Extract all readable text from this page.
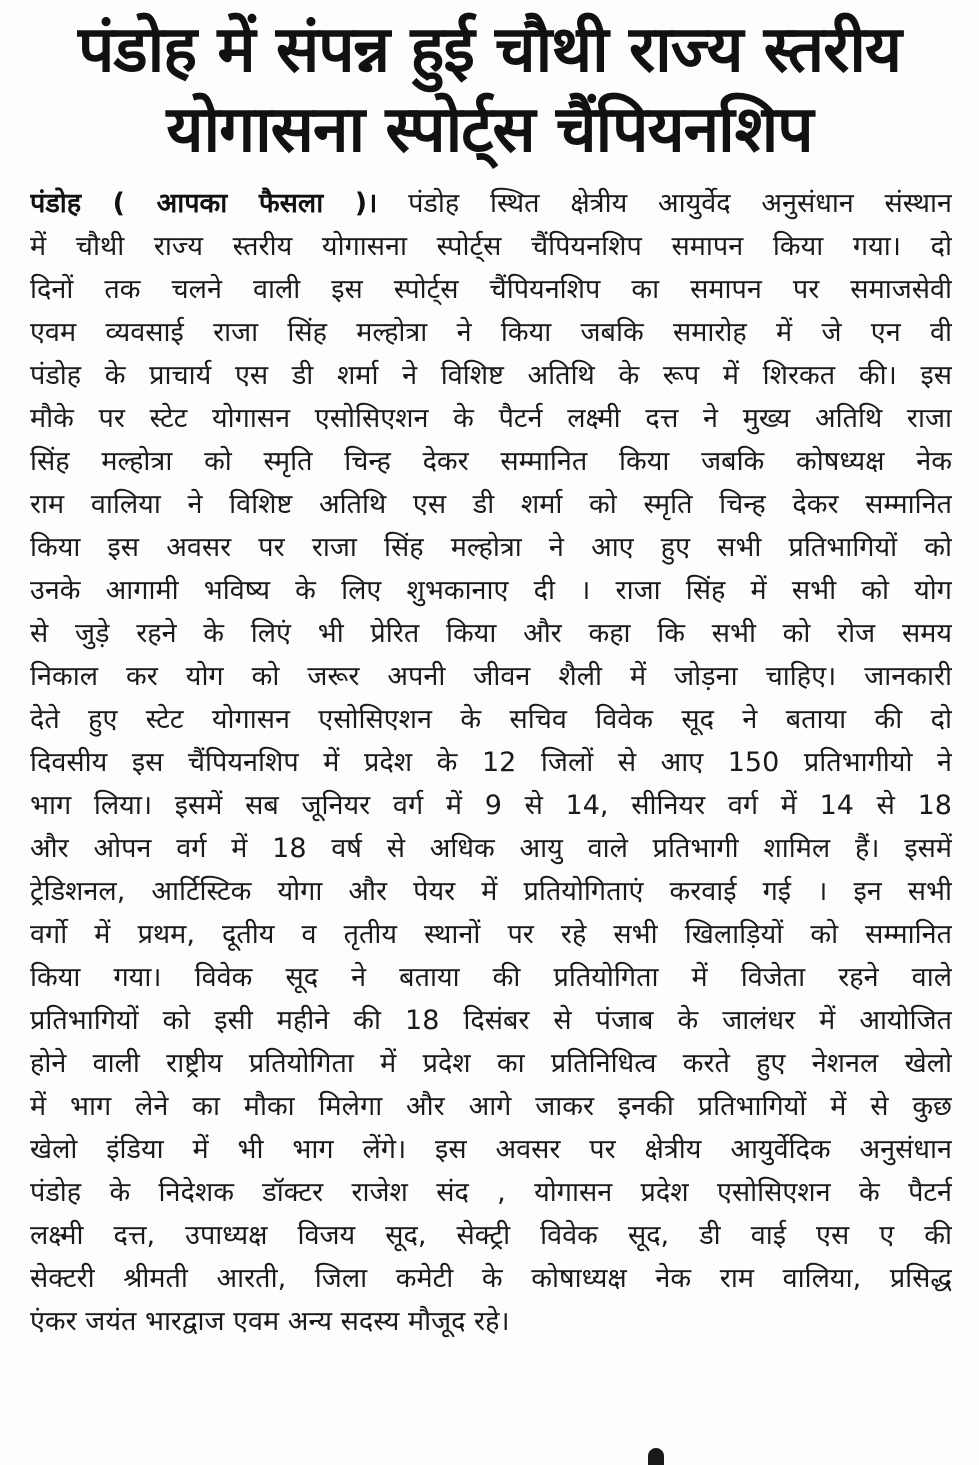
पंडोह में संपन्न हुई चौथी राज्य स्तरीय
योगासना स्पोर्ट्स चैंपियनशिप
पंडोह ( आपका फैसला )। पंडोह स्थित क्षेत्रीय आयुर्वेद अनुसंधान संस्थान
में चौथी राज्य स्तरीय योगासना स्पोर्ट्स चैंपियनशिप समापन किया गया। दो
दिनों तक चलने वाली इस स्पोर्ट्स चैंपियनशिप का समापन पर समाजसेवी
एवम व्यवसाई राजा सिंह मल्होत्रा ने किया जबकि समारोह में जे एन वी
पंडोह के प्राचार्य एस डी शर्मा ने विशिष्ट अतिथि के रूप में शिरकत की। इस
मौके पर स्टेट योगासन एसोसिएशन के पैटर्न लक्ष्मी दत्त ने मुख्य अतिथि राजा
सिंह मल्होत्रा को स्मृति चिन्ह देकर सम्मानित किया जबकि कोषध्यक्ष नेक
राम वालिया ने विशिष्ट अतिथि एस डी शर्मा को स्मृति चिन्ह देकर सम्मानित
किया इस अवसर पर राजा सिंह मल्होत्रा ने आए हुए सभी प्रतिभागियों को
उनके आगामी भविष्य के लिए शुभकानाए दी । राजा सिंह में सभी को योग
से जुड़े रहने के लिएं भी प्रेरित किया और कहा कि सभी को रोज समय
निकाल कर योग को जरूर अपनी जीवन शैली में जोड़ना चाहिए। जानकारी
देते हुए स्टेट योगासन एसोसिएशन के सचिव विवेक सूद ने बताया की दो
दिवसीय इस चैंपियनशिप में प्रदेश के 12 जिलों से आए 150 प्रतिभागीयो ने
भाग लिया। इसमें सब जूनियर वर्ग में 9 से 14, सीनियर वर्ग में 14 से 18
और ओपन वर्ग में 18 वर्ष से अधिक आयु वाले प्रतिभागी शामिल हैं। इसमें
ट्रेडिशनल, आर्टिस्टिक योगा और पेयर में प्रतियोगिताएं करवाई गई । इन सभी
वर्गो में प्रथम, दूतीय व तृतीय स्थानों पर रहे सभी खिलाड़ियों को सम्मानित
किया गया। विवेक सूद ने बताया की प्रतियोगिता में विजेता रहने वाले
प्रतिभागियों को इसी महीने की 18 दिसंबर से पंजाब के जालंधर में आयोजित
होने वाली राष्ट्रीय प्रतियोगिता में प्रदेश का प्रतिनिधित्व करते हुए नेशनल खेलो
में भाग लेने का मौका मिलेगा और आगे जाकर इनकी प्रतिभागियों में से कुछ
खेलो इंडिया में भी भाग लेंगे। इस अवसर पर क्षेत्रीय आयुर्वेदिक अनुसंधान
पंडोह के निदेशक डॉक्टर राजेश संद , योगासन प्रदेश एसोसिएशन के पैटर्न
लक्ष्मी दत्त, उपाध्यक्ष विजय सूद, सेक्ट्री विवेक सूद, डी वाई एस ए की
सेक्टरी श्रीमती आरती, जिला कमेटी के कोषाध्यक्ष नेक राम वालिया, प्रसिद्ध
एंकर जयंत भारद्वाज एवम अन्य सदस्य मौजूद रहे।
